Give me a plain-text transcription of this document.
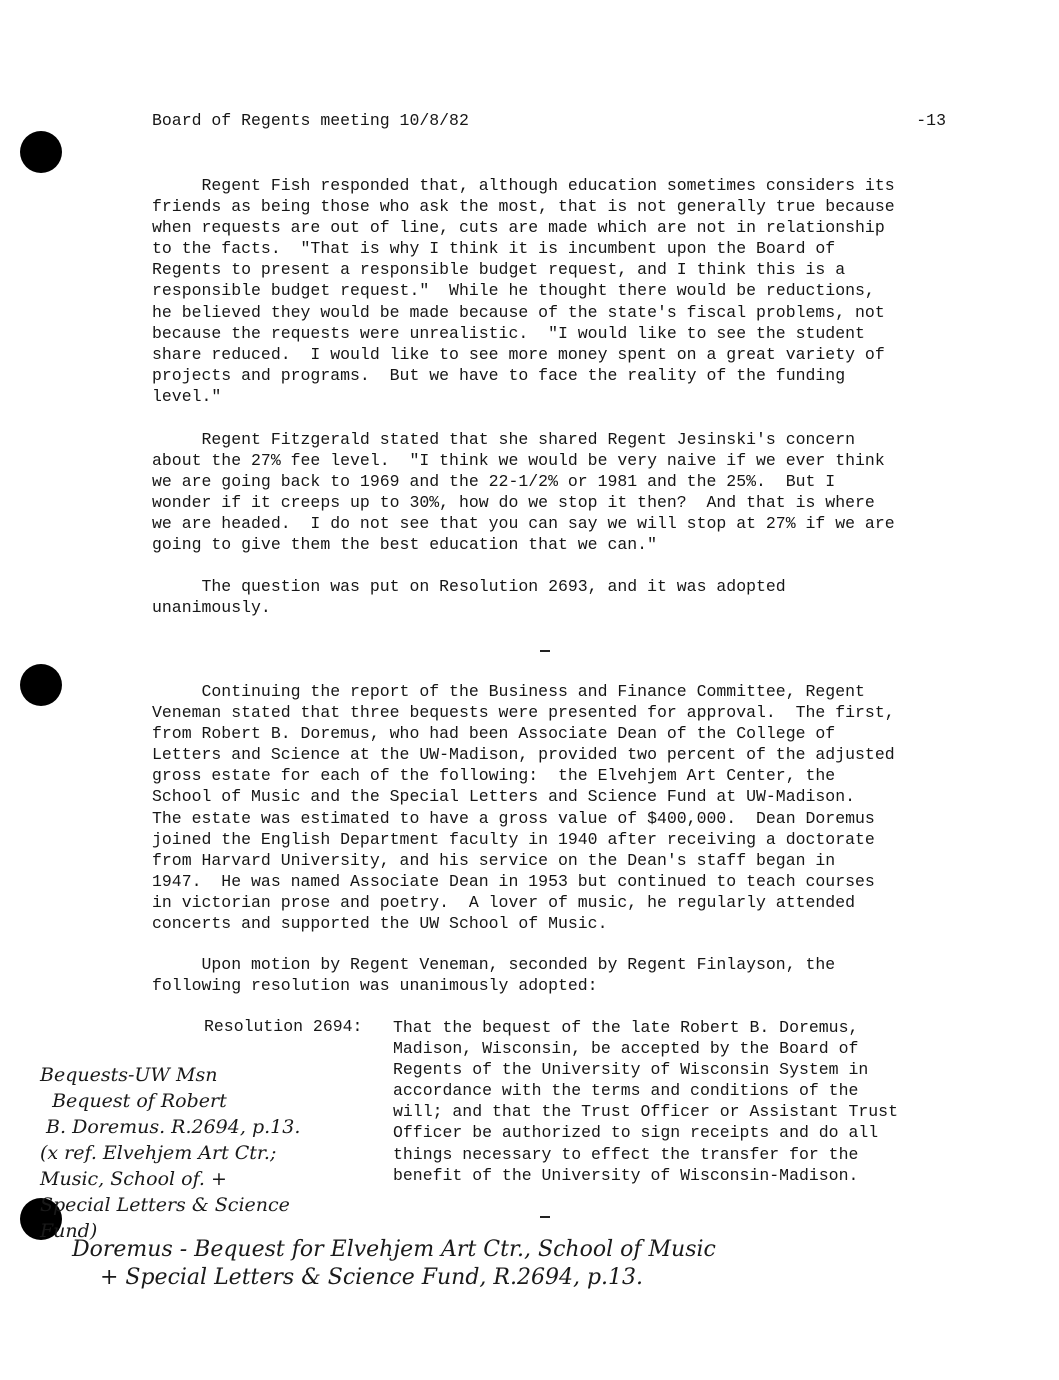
Board of Regents meeting 10/8/82	-13

Regent Fish responded that, although education sometimes considers its
friends as being those who ask the most, that is not generally true because
when requests are out of line, cuts are made which are not in relationship
to the facts.  "That is why I think it is incumbent upon the Board of
Regents to present a responsible budget request, and I think this is a
responsible budget request."  While he thought there would be reductions,
he believed they would be made because of the state's fiscal problems, not
because the requests were unrealistic.  "I would like to see the student
share reduced.  I would like to see more money spent on a great variety of
projects and programs.  But we have to face the reality of the funding
level."

Regent Fitzgerald stated that she shared Regent Jesinski's concern
about the 27% fee level.  "I think we would be very naive if we ever think
we are going back to 1969 and the 22-1/2% or 1981 and the 25%.  But I
wonder if it creeps up to 30%, how do we stop it then?  And that is where
we are headed.  I do not see that you can say we will stop at 27% if we are
going to give them the best education that we can."

The question was put on Resolution 2693, and it was adopted
unanimously.

Continuing the report of the Business and Finance Committee, Regent
Veneman stated that three bequests were presented for approval.  The first,
from Robert B. Doremus, who had been Associate Dean of the College of
Letters and Science at the UW-Madison, provided two percent of the adjusted
gross estate for each of the following:  the Elvehjem Art Center, the
School of Music and the Special Letters and Science Fund at UW-Madison.
The estate was estimated to have a gross value of $400,000.  Dean Doremus
joined the English Department faculty in 1940 after receiving a doctorate
from Harvard University, and his service on the Dean's staff began in
1947.  He was named Associate Dean in 1953 but continued to teach courses
in victorian prose and poetry.  A lover of music, he regularly attended
concerts and supported the UW School of Music.

Upon motion by Regent Veneman, seconded by Regent Finlayson, the
following resolution was unanimously adopted:

Resolution 2694: That the bequest of the late Robert B. Doremus,
Madison, Wisconsin, be accepted by the Board of
Regents of the University of Wisconsin System in
accordance with the terms and conditions of the
will; and that the Trust Officer or Assistant Trust
Officer be authorized to sign receipts and do all
things necessary to effect the transfer for the
benefit of the University of Wisconsin-Madison.

Bequests-UW Msn
Bequest of Robert
B. Doremus. R.2694, p.13.
(x ref. Elvehjem Art Ctr.;
Music, School of. +
Special Letters & Science
Fund)
Doremus - Bequest for Elvehjem Art Ctr., School of Music
+ Special Letters & Science Fund, R.2694, p.13.
